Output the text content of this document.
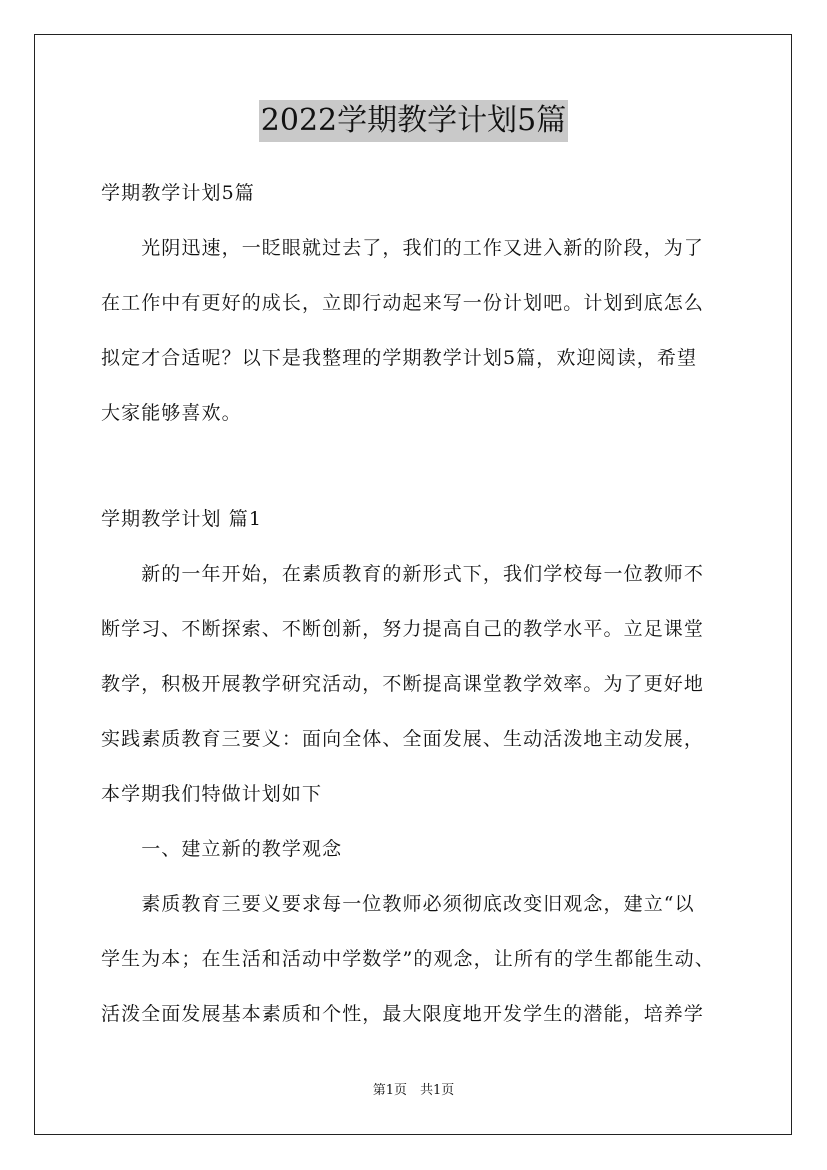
2022学期教学计划5篇
学期教学计划5篇
　　光阴迅速，一眨眼就过去了，我们的工作又进入新的阶段，为了
在工作中有更好的成长，立即行动起来写一份计划吧。计划到底怎么
拟定才合适呢？以下是我整理的学期教学计划5篇，欢迎阅读，希望
大家能够喜欢。
学期教学计划 篇1
　　新的一年开始，在素质教育的新形式下，我们学校每一位教师不
断学习、不断探索、不断创新，努力提高自己的教学水平。立足课堂
教学，积极开展教学研究活动，不断提高课堂教学效率。为了更好地
实践素质教育三要义：面向全体、全面发展、生动活泼地主动发展，
本学期我们特做计划如下
　　一、建立新的教学观念
　　素质教育三要义要求每一位教师必须彻底改变旧观念，建立“以
学生为本；在生活和活动中学数学”的观念，让所有的学生都能生动、
活泼全面发展基本素质和个性，最大限度地开发学生的潜能，培养学
第1页　共1页
